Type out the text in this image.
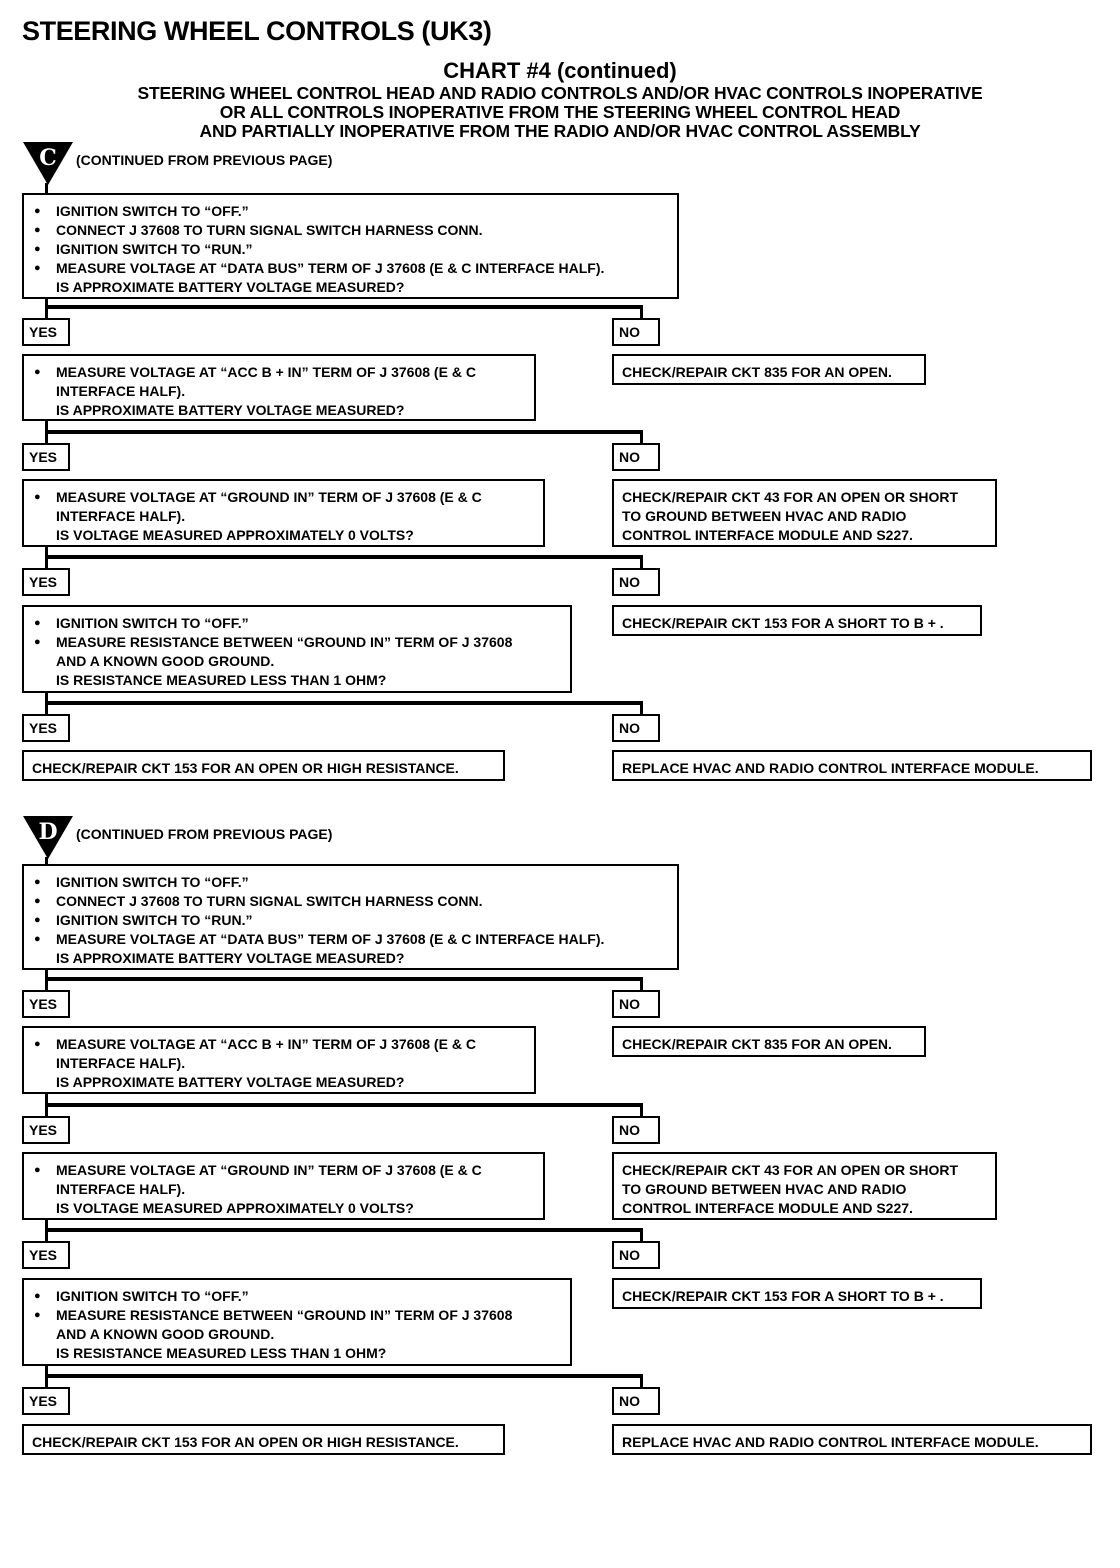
STEERING WHEEL CONTROLS (UK3)
CHART #4 (continued)
STEERING WHEEL CONTROL HEAD AND RADIO CONTROLS AND/OR HVAC CONTROLS INOPERATIVE
OR ALL CONTROLS INOPERATIVE FROM THE STEERING WHEEL CONTROL HEAD
AND PARTIALLY INOPERATIVE FROM THE RADIO AND/OR HVAC CONTROL ASSEMBLY
C (CONTINUED FROM PREVIOUS PAGE)
● IGNITION SWITCH TO “OFF.”
● CONNECT J 37608 TO TURN SIGNAL SWITCH HARNESS CONN.
● IGNITION SWITCH TO “RUN.”
● MEASURE VOLTAGE AT “DATA BUS” TERM OF J 37608 (E & C INTERFACE HALF).
IS APPROXIMATE BATTERY VOLTAGE MEASURED?
YES	NO
● MEASURE VOLTAGE AT “ACC B + IN” TERM OF J 37608 (E & C
INTERFACE HALF).
IS APPROXIMATE BATTERY VOLTAGE MEASURED?
CHECK/REPAIR CKT 835 FOR AN OPEN.
YES	NO
● MEASURE VOLTAGE AT “GROUND IN” TERM OF J 37608 (E & C
INTERFACE HALF).
IS VOLTAGE MEASURED APPROXIMATELY 0 VOLTS?
CHECK/REPAIR CKT 43 FOR AN OPEN OR SHORT
TO GROUND BETWEEN HVAC AND RADIO
CONTROL INTERFACE MODULE AND S227.
YES	NO
● IGNITION SWITCH TO “OFF.”
● MEASURE RESISTANCE BETWEEN “GROUND IN” TERM OF J 37608
AND A KNOWN GOOD GROUND.
IS RESISTANCE MEASURED LESS THAN 1 OHM?
CHECK/REPAIR CKT 153 FOR A SHORT TO B + .
YES	NO
CHECK/REPAIR CKT 153 FOR AN OPEN OR HIGH RESISTANCE.	REPLACE HVAC AND RADIO CONTROL INTERFACE MODULE.
D (CONTINUED FROM PREVIOUS PAGE)
● IGNITION SWITCH TO “OFF.”
● CONNECT J 37608 TO TURN SIGNAL SWITCH HARNESS CONN.
● IGNITION SWITCH TO “RUN.”
● MEASURE VOLTAGE AT “DATA BUS” TERM OF J 37608 (E & C INTERFACE HALF).
IS APPROXIMATE BATTERY VOLTAGE MEASURED?
YES	NO
● MEASURE VOLTAGE AT “ACC B + IN” TERM OF J 37608 (E & C
INTERFACE HALF).
IS APPROXIMATE BATTERY VOLTAGE MEASURED?
CHECK/REPAIR CKT 835 FOR AN OPEN.
YES	NO
● MEASURE VOLTAGE AT “GROUND IN” TERM OF J 37608 (E & C
INTERFACE HALF).
IS VOLTAGE MEASURED APPROXIMATELY 0 VOLTS?
CHECK/REPAIR CKT 43 FOR AN OPEN OR SHORT
TO GROUND BETWEEN HVAC AND RADIO
CONTROL INTERFACE MODULE AND S227.
YES	NO
● IGNITION SWITCH TO “OFF.”
● MEASURE RESISTANCE BETWEEN “GROUND IN” TERM OF J 37608
AND A KNOWN GOOD GROUND.
IS RESISTANCE MEASURED LESS THAN 1 OHM?
CHECK/REPAIR CKT 153 FOR A SHORT TO B + .
YES	NO
CHECK/REPAIR CKT 153 FOR AN OPEN OR HIGH RESISTANCE.	REPLACE HVAC AND RADIO CONTROL INTERFACE MODULE.
